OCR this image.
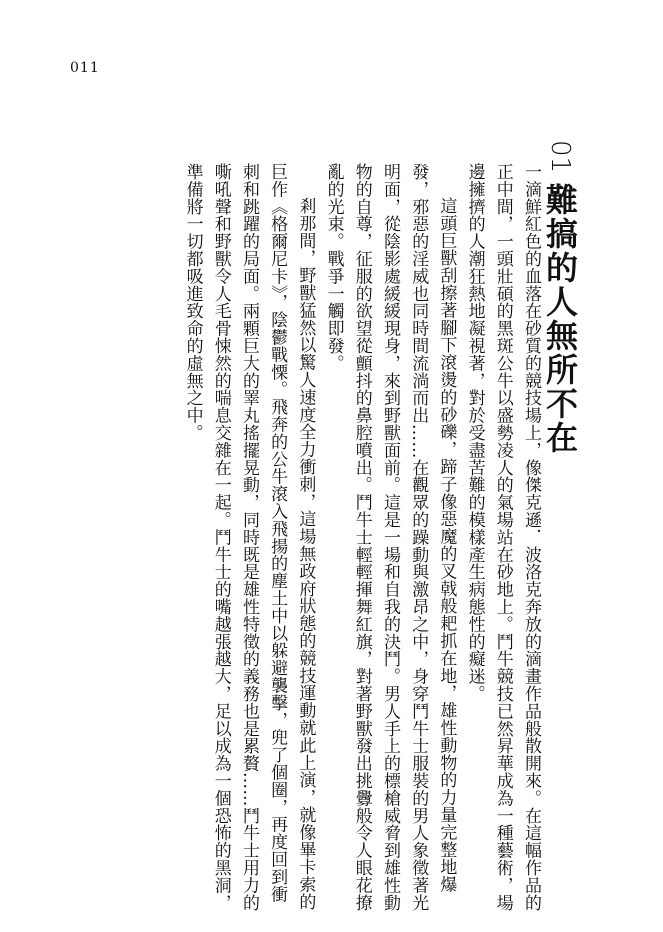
011
01
難搞的人無所不在

一滴鮮紅色的血落在砂質的競技場上，像傑克遜．波洛克奔放的滴畫作品般散開來。在這幅作品的正中間，一頭壯碩的黑斑公牛以盛勢凌人的氣場站在砂地上。鬥牛競技已然昇華成為一種藝術，場邊擁擠的人潮狂熱地凝視著，對於受盡苦難的模樣產生病態性的癡迷。

這頭巨獸刮擦著腳下滾燙的砂礫，蹄子像惡魔的叉戟般耙抓在地，雄性動物的力量完整地爆發，邪惡的淫威也同時間流淌而出……在觀眾的躁動與激昂之中，身穿鬥牛士服裝的男人象徵著光明面，從陰影處緩緩現身，來到野獸面前。這是一場和自我的決鬥。男人手上的標槍威脅到雄性動物的自尊，征服的欲望從顫抖的鼻腔噴出。鬥牛士輕輕揮舞紅旗，對著野獸發出挑釁般令人眼花撩亂的光束。戰爭一觸即發。

剎那間，野獸猛然以驚人速度全力衝刺，這場無政府狀態的競技運動就此上演，就像畢卡索的巨作《格爾尼卡》，陰鬱戰慄。飛奔的公牛滾入飛揚的塵土中以躲避襲擊，兜了個圈，再度回到衝刺和跳躍的局面。兩顆巨大的睪丸搖擺晃動，同時既是雄性特徵的義務也是累贅……鬥牛士用力的嘶吼聲和野獸令人毛骨悚然的喘息交雜在一起。鬥牛士的嘴越張越大，足以成為一個恐怖的黑洞，準備將一切都吸進致命的虛無之中。
